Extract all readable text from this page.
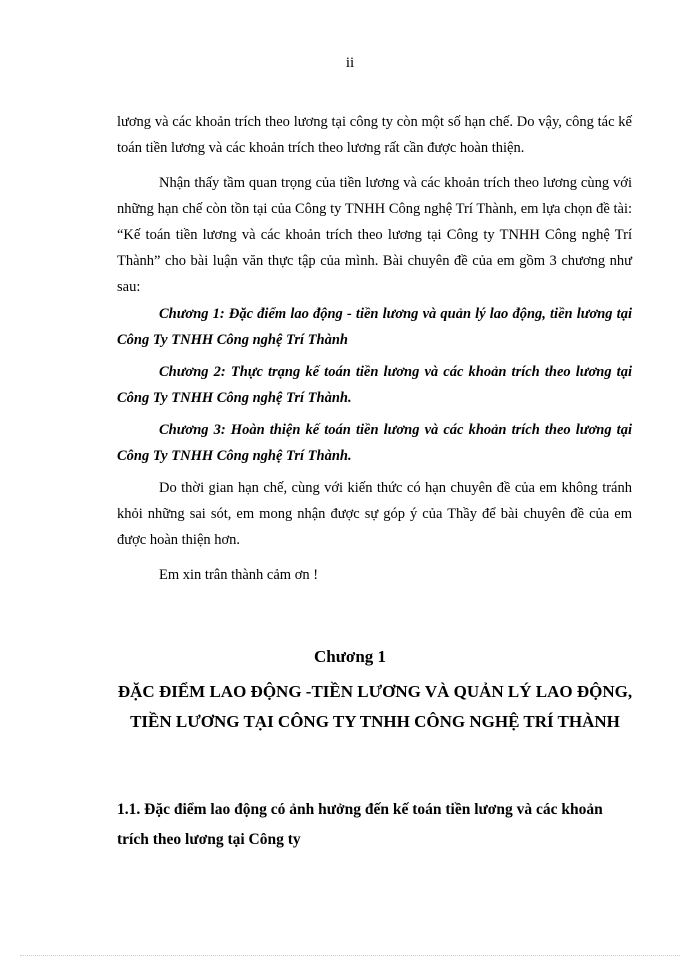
ii

lương và các khoản trích theo lương tại công ty còn một số hạn chế. Do vậy, công tác kế toán tiền lương và các khoản trích theo lương rất cần được hoàn thiện.

Nhận thấy tầm quan trọng của tiền lương và các khoản trích theo lương cùng với những hạn chế còn tồn tại của Công ty TNHH Công nghệ Trí Thành, em lựa chọn đề tài: “Kế toán tiền lương và các khoản trích theo lương tại Công ty TNHH Công nghệ Trí Thành” cho bài luận văn thực tập của mình. Bài chuyên đề của em gồm 3 chương như sau:

Chương 1: Đặc điểm lao động - tiền lương và quản lý lao động, tiền lương tại Công Ty TNHH Công nghệ Trí Thành

Chương 2: Thực trạng kế toán tiền lương và các khoản trích theo lương tại Công Ty TNHH Công nghệ Trí Thành.

Chương 3: Hoàn thiện kế toán tiền lương và các khoản trích theo lương tại Công Ty TNHH Công nghệ Trí Thành.

Do thời gian hạn chế, cùng với kiến thức có hạn chuyên đề của em không tránh khỏi những sai sót, em mong nhận được sự góp ý của Thầy để bài chuyên đề của em được hoàn thiện hơn.

Em xin trân thành cảm ơn !

Chương 1
ĐẶC ĐIỂM LAO ĐỘNG -TIỀN LƯƠNG VÀ QUẢN LÝ LAO ĐỘNG, TIỀN LƯƠNG TẠI CÔNG TY TNHH CÔNG NGHỆ TRÍ THÀNH

1.1. Đặc điểm lao động có ảnh hưởng đến kế toán tiền lương và các khoản trích theo lương tại Công ty
